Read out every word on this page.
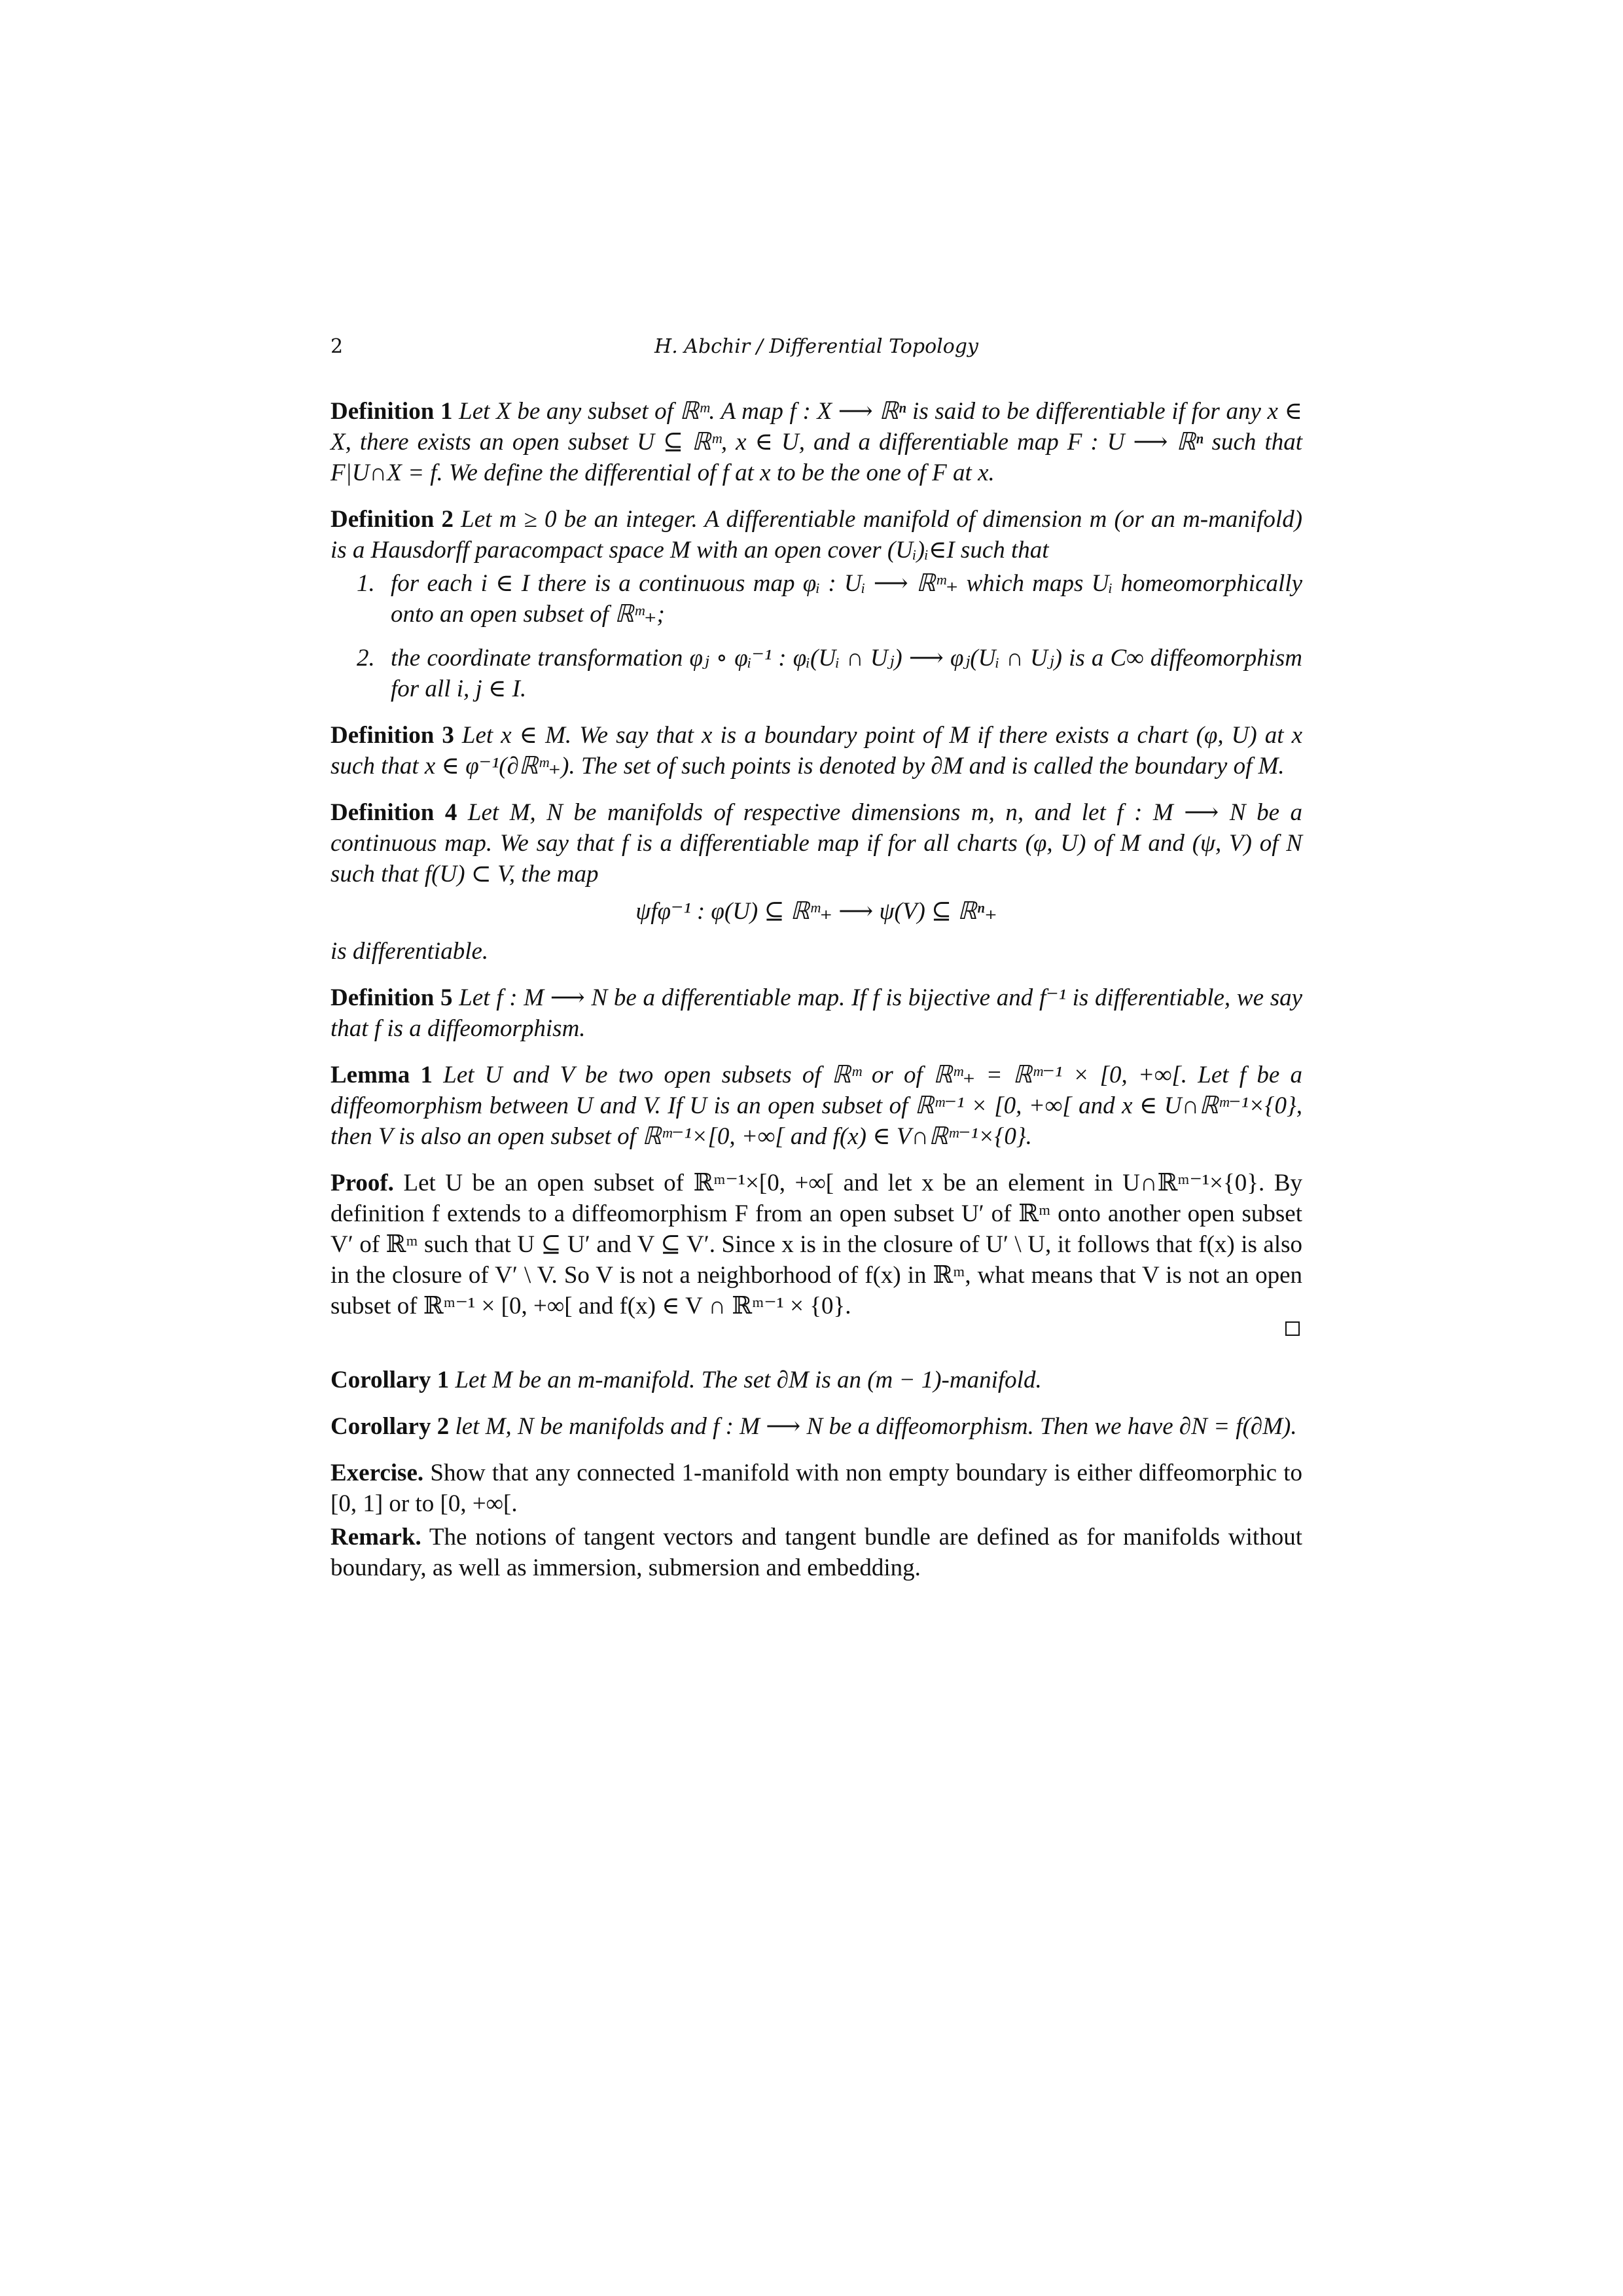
2	H. Abchir / Differential Topology

Definition 1 Let X be any subset of ℝᵐ. A map f : X ⟶ ℝⁿ is said to be differentiable if for any x ∈ X, there exists an open subset U ⊆ ℝᵐ, x ∈ U, and a differentiable map F : U ⟶ ℝⁿ such that F|U∩X = f. We define the differential of f at x to be the one of F at x.

Definition 2 Let m ≥ 0 be an integer. A differentiable manifold of dimension m (or an m-manifold) is a Hausdorff paracompact space M with an open cover (Uᵢ)ᵢ∈I such that

1. for each i ∈ I there is a continuous map φᵢ : Uᵢ ⟶ ℝᵐ₊ which maps Uᵢ homeomorphically onto an open subset of ℝᵐ₊;
2. the coordinate transformation φⱼ ∘ φᵢ⁻¹ : φᵢ(Uᵢ ∩ Uⱼ) ⟶ φⱼ(Uᵢ ∩ Uⱼ) is a C∞ diffeomorphism for all i, j ∈ I.

Definition 3 Let x ∈ M. We say that x is a boundary point of M if there exists a chart (φ, U) at x such that x ∈ φ⁻¹(∂ℝᵐ₊). The set of such points is denoted by ∂M and is called the boundary of M.

Definition 4 Let M, N be manifolds of respective dimensions m, n, and let f : M ⟶ N be a continuous map. We say that f is a differentiable map if for all charts (φ, U) of M and (ψ, V) of N such that f(U) ⊂ V, the map

ψfφ⁻¹ : φ(U) ⊆ ℝᵐ₊ ⟶ ψ(V) ⊆ ℝⁿ₊

is differentiable.

Definition 5 Let f : M ⟶ N be a differentiable map. If f is bijective and f⁻¹ is differentiable, we say that f is a diffeomorphism.

Lemma 1 Let U and V be two open subsets of ℝᵐ or of ℝᵐ₊ = ℝᵐ⁻¹ × [0, +∞[. Let f be a diffeomorphism between U and V. If U is an open subset of ℝᵐ⁻¹ × [0, +∞[ and x ∈ U∩ℝᵐ⁻¹×{0}, then V is also an open subset of ℝᵐ⁻¹×[0, +∞[ and f(x) ∈ V∩ℝᵐ⁻¹×{0}.

Proof. Let U be an open subset of ℝᵐ⁻¹×[0, +∞[ and let x be an element in U∩ℝᵐ⁻¹×{0}. By definition f extends to a diffeomorphism F from an open subset U′ of ℝᵐ onto another open subset V′ of ℝᵐ such that U ⊆ U′ and V ⊆ V′. Since x is in the closure of U′ \ U, it follows that f(x) is also in the closure of V′ \ V. So V is not a neighborhood of f(x) in ℝᵐ, what means that V is not an open subset of ℝᵐ⁻¹ × [0, +∞[ and f(x) ∈ V ∩ ℝᵐ⁻¹ × {0}.

Corollary 1 Let M be an m-manifold. The set ∂M is an (m − 1)-manifold.

Corollary 2 let M, N be manifolds and f : M ⟶ N be a diffeomorphism. Then we have ∂N = f(∂M).

Exercise. Show that any connected 1-manifold with non empty boundary is either diffeomorphic to [0, 1] or to [0, +∞[.

Remark. The notions of tangent vectors and tangent bundle are defined as for manifolds without boundary, as well as immersion, submersion and embedding.
